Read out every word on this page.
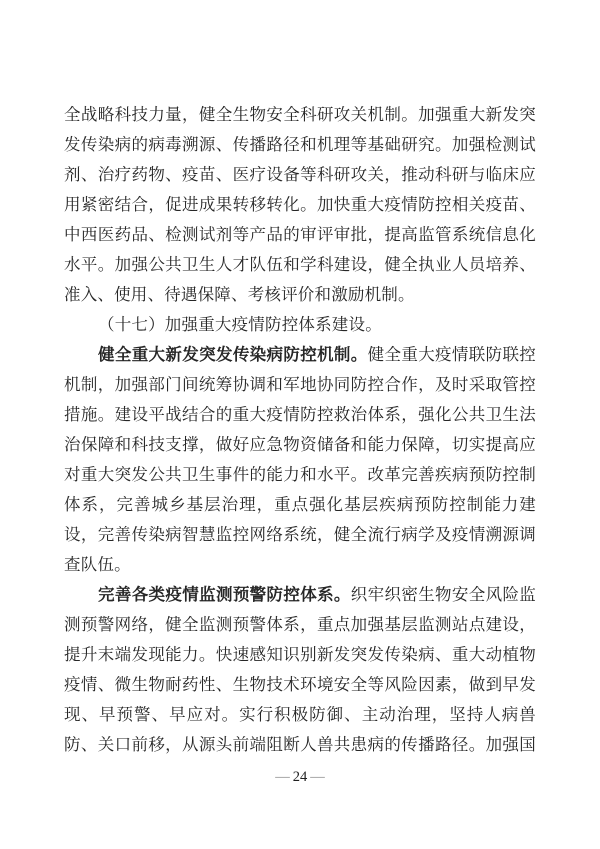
全战略科技力量，健全生物安全科研攻关机制。加强重大新发突
发传染病的病毒溯源、传播路径和机理等基础研究。加强检测试
剂、治疗药物、疫苗、医疗设备等科研攻关，推动科研与临床应
用紧密结合，促进成果转移转化。加快重大疫情防控相关疫苗、
中西医药品、检测试剂等产品的审评审批，提高监管系统信息化
水平。加强公共卫生人才队伍和学科建设，健全执业人员培养、
准入、使用、待遇保障、考核评价和激励机制。
（十七）加强重大疫情防控体系建设。
健全重大新发突发传染病防控机制。健全重大疫情联防联控
机制，加强部门间统筹协调和军地协同防控合作，及时采取管控
措施。建设平战结合的重大疫情防控救治体系，强化公共卫生法
治保障和科技支撑，做好应急物资储备和能力保障，切实提高应
对重大突发公共卫生事件的能力和水平。改革完善疾病预防控制
体系，完善城乡基层治理，重点强化基层疾病预防控制能力建
设，完善传染病智慧监控网络系统，健全流行病学及疫情溯源调
查队伍。
完善各类疫情监测预警防控体系。织牢织密生物安全风险监
测预警网络，健全监测预警体系，重点加强基层监测站点建设，
提升末端发现能力。快速感知识别新发突发传染病、重大动植物
疫情、微生物耐药性、生物技术环境安全等风险因素，做到早发
现、早预警、早应对。实行积极防御、主动治理，坚持人病兽
防、关口前移，从源头前端阻断人兽共患病的传播路径。加强国
— 24 —
